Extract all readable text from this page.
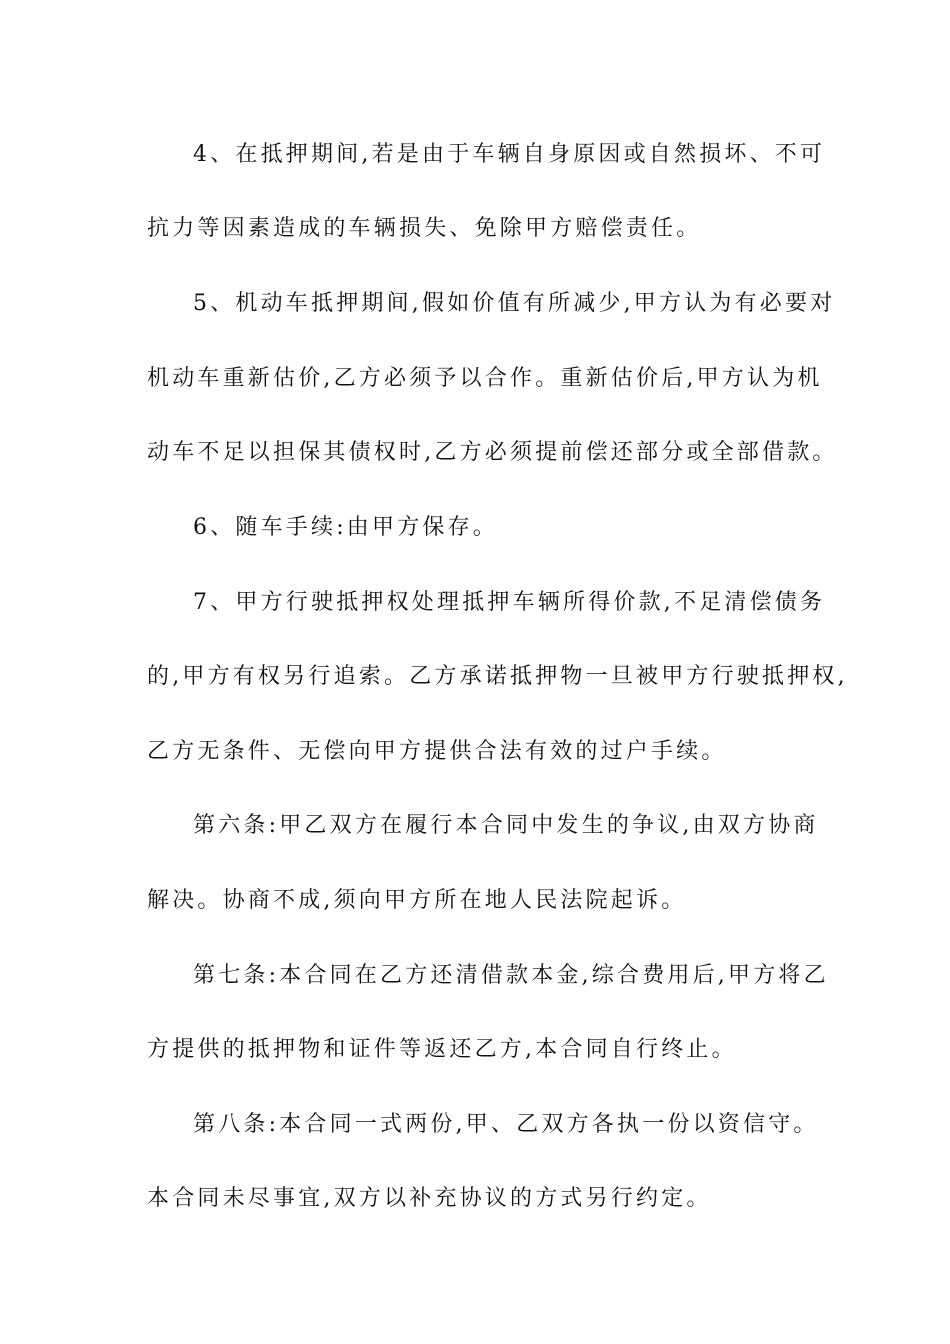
4、在抵押期间,若是由于车辆自身原因或自然损坏、不可
抗力等因素造成的车辆损失、免除甲方赔偿责任。
5、机动车抵押期间,假如价值有所减少,甲方认为有必要对
机动车重新估价,乙方必须予以合作。重新估价后,甲方认为机
动车不足以担保其债权时,乙方必须提前偿还部分或全部借款。
6、随车手续:由甲方保存。
7、甲方行驶抵押权处理抵押车辆所得价款,不足清偿债务
的,甲方有权另行追索。乙方承诺抵押物一旦被甲方行驶抵押权,
乙方无条件、无偿向甲方提供合法有效的过户手续。
第六条:甲乙双方在履行本合同中发生的争议,由双方协商
解决。协商不成,须向甲方所在地人民法院起诉。
第七条:本合同在乙方还清借款本金,综合费用后,甲方将乙
方提供的抵押物和证件等返还乙方,本合同自行终止。
第八条:本合同一式两份,甲、乙双方各执一份以资信守。
本合同未尽事宜,双方以补充协议的方式另行约定。
